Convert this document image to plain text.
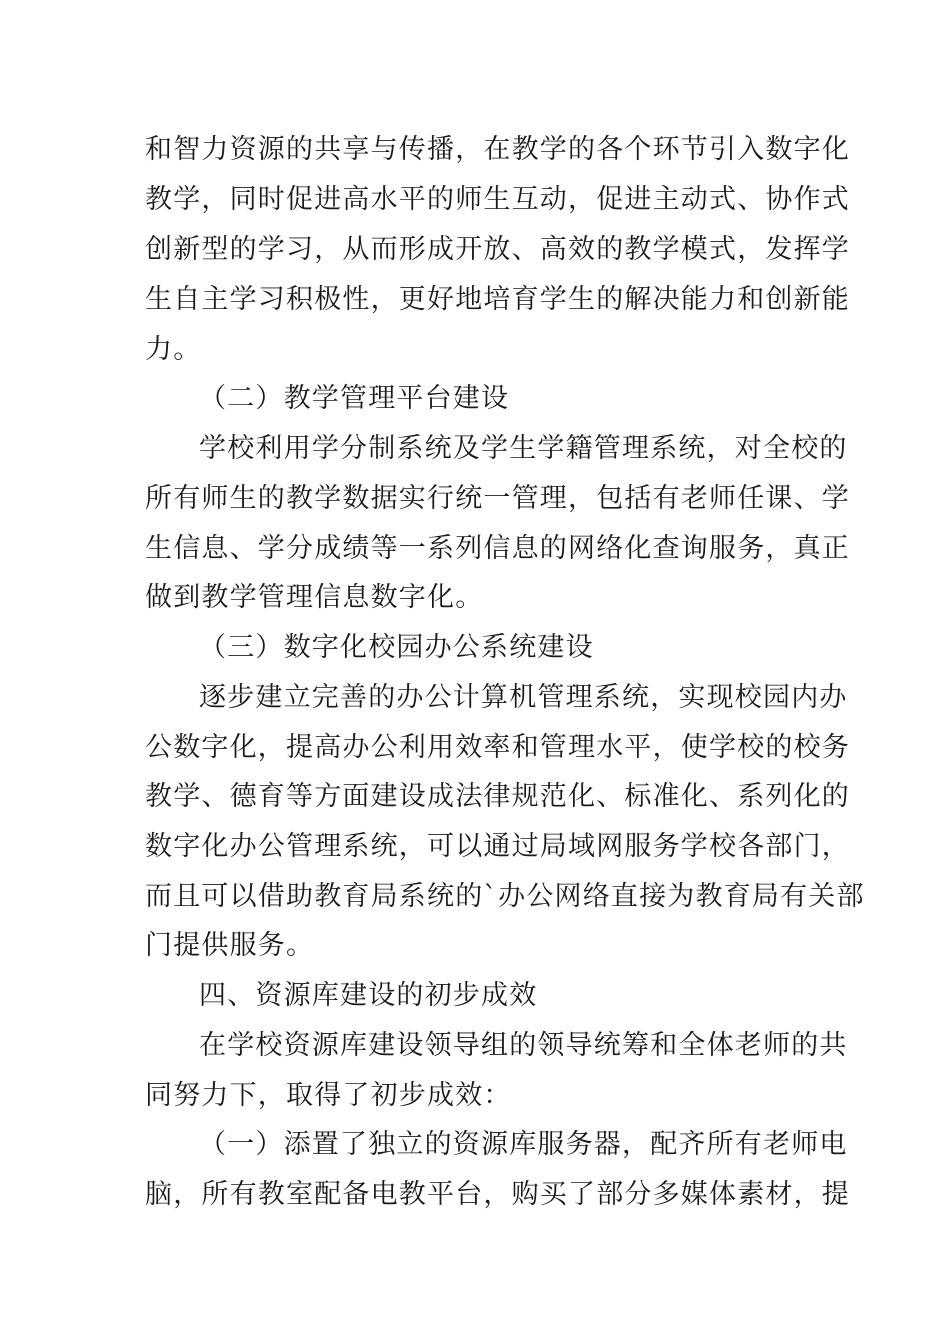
和智力资源的共享与传播，在教学的各个环节引入数字化
教学，同时促进高水平的师生互动，促进主动式、协作式
创新型的学习，从而形成开放、高效的教学模式，发挥学
生自主学习积极性，更好地培育学生的解决能力和创新能
力。
（二）教学管理平台建设
学校利用学分制系统及学生学籍管理系统，对全校的
所有师生的教学数据实行统一管理，包括有老师任课、学
生信息、学分成绩等一系列信息的网络化查询服务，真正
做到教学管理信息数字化。
（三）数字化校园办公系统建设
逐步建立完善的办公计算机管理系统，实现校园内办
公数字化，提高办公利用效率和管理水平，使学校的校务
教学、德育等方面建设成法律规范化、标准化、系列化的
数字化办公管理系统，可以通过局域网服务学校各部门，
而且可以借助教育局系统的`办公网络直接为教育局有关部
门提供服务。
四、资源库建设的初步成效
在学校资源库建设领导组的领导统筹和全体老师的共
同努力下，取得了初步成效：
（一）添置了独立的资源库服务器，配齐所有老师电
脑，所有教室配备电教平台，购买了部分多媒体素材，提
